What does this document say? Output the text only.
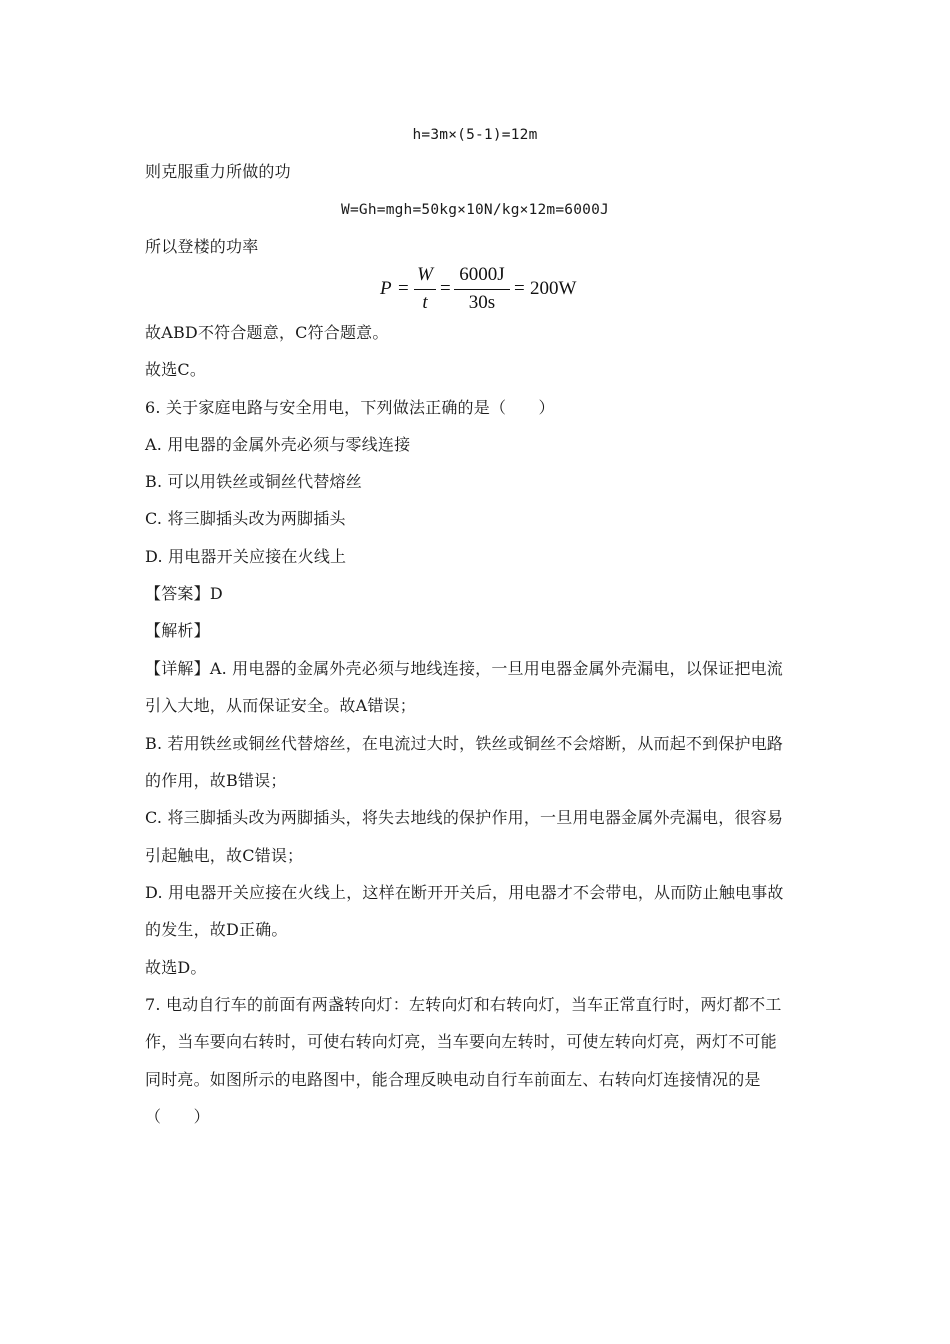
h=3m×(5-1)=12m
则克服重力所做的功
W=Gh=mgh=50kg×10N/kg×12m=6000J
所以登楼的功率
P =
W
t
=
6000J
30s
= 200W
故ABD不符合题意，C符合题意。
故选C。
6. 关于家庭电路与安全用电，下列做法正确的是（　　）
A. 用电器的金属外壳必须与零线连接
B. 可以用铁丝或铜丝代替熔丝
C. 将三脚插头改为两脚插头
D. 用电器开关应接在火线上
【答案】D
【解析】
【详解】A. 用电器的金属外壳必须与地线连接，一旦用电器金属外壳漏电，以保证把电流
引入大地，从而保证安全。故A错误；
B. 若用铁丝或铜丝代替熔丝，在电流过大时，铁丝或铜丝不会熔断，从而起不到保护电路
的作用，故B错误；
C. 将三脚插头改为两脚插头，将失去地线的保护作用，一旦用电器金属外壳漏电，很容易
引起触电，故C错误；
D. 用电器开关应接在火线上，这样在断开开关后，用电器才不会带电，从而防止触电事故
的发生，故D正确。
故选D。
7. 电动自行车的前面有两盏转向灯：左转向灯和右转向灯，当车正常直行时，两灯都不工
作，当车要向右转时，可使右转向灯亮，当车要向左转时，可使左转向灯亮，两灯不可能
同时亮。如图所示的电路图中，能合理反映电动自行车前面左、右转向灯连接情况的是
（　　）
